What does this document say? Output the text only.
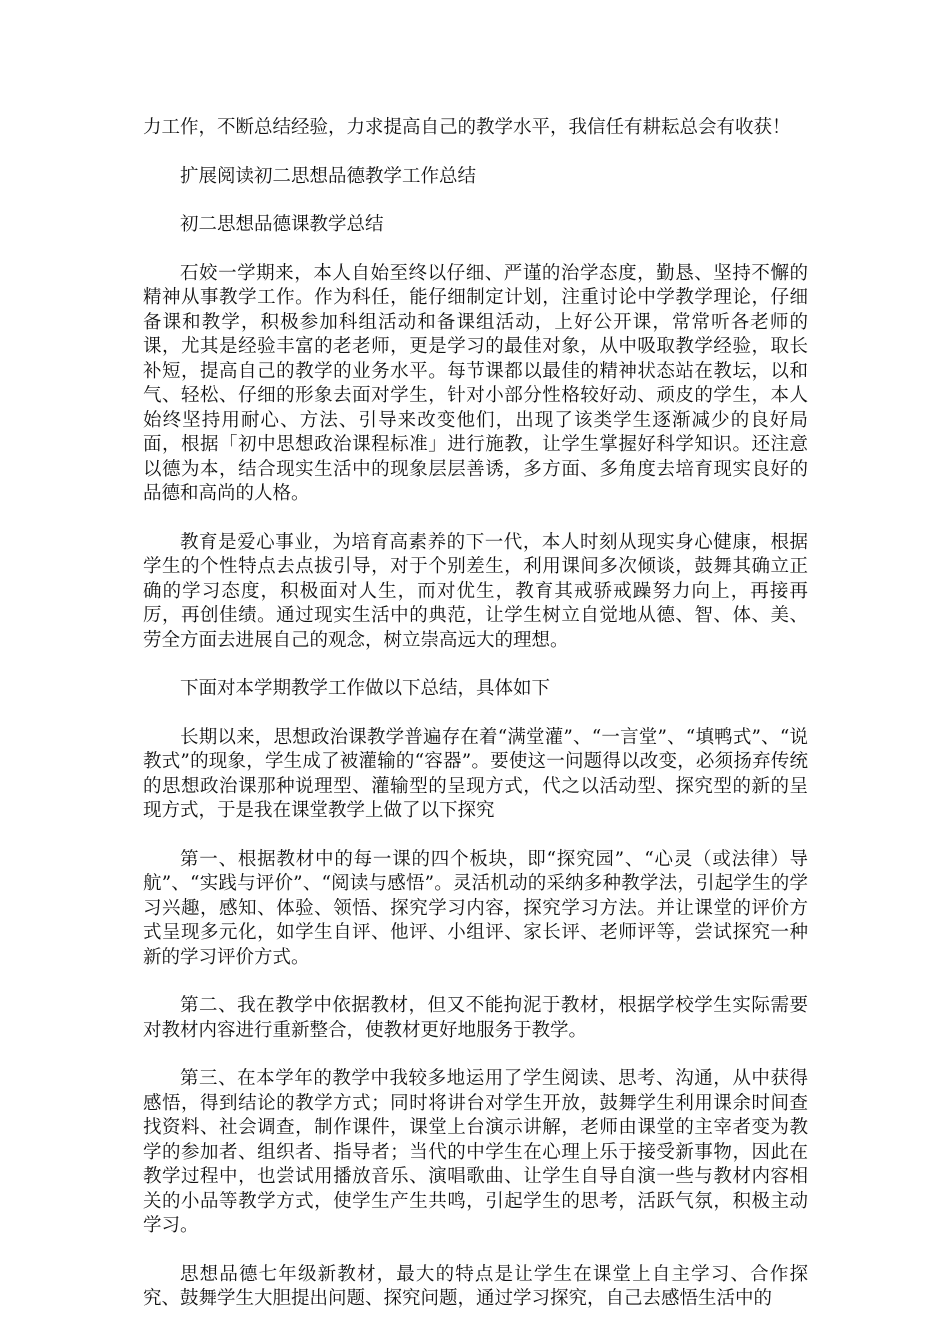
力工作，不断总结经验，力求提高自己的教学水平，我信任有耕耘总会有收获！

扩展阅读初二思想品德教学工作总结

初二思想品德课教学总结

石姣一学期来，本人自始至终以仔细、严谨的治学态度，勤恳、坚持不懈的精神从事教学工作。作为科任，能仔细制定计划，注重讨论中学教学理论，仔细备课和教学，积极参加科组活动和备课组活动，上好公开课，常常听各老师的课，尤其是经验丰富的老老师，更是学习的最佳对象，从中吸取教学经验，取长补短，提高自己的教学的业务水平。每节课都以最佳的精神状态站在教坛，以和气、轻松、仔细的形象去面对学生，针对小部分性格较好动、顽皮的学生，本人始终坚持用耐心、方法、引导来改变他们，出现了该类学生逐渐减少的良好局面，根据「初中思想政治课程标准」进行施教，让学生掌握好科学知识。还注意以德为本，结合现实生活中的现象层层善诱，多方面、多角度去培育现实良好的品德和高尚的人格。

教育是爱心事业，为培育高素养的下一代，本人时刻从现实身心健康，根据学生的个性特点去点拔引导，对于个别差生，利用课间多次倾谈，鼓舞其确立正确的学习态度，积极面对人生，而对优生，教育其戒骄戒躁努力向上，再接再厉，再创佳绩。通过现实生活中的典范，让学生树立自觉地从德、智、体、美、劳全方面去进展自己的观念，树立崇高远大的理想。

下面对本学期教学工作做以下总结，具体如下

长期以来，思想政治课教学普遍存在着“满堂灌”、“一言堂”、“填鸭式”、“说教式”的现象，学生成了被灌输的“容器”。要使这一问题得以改变，必须扬弃传统的思想政治课那种说理型、灌输型的呈现方式，代之以活动型、探究型的新的呈现方式，于是我在课堂教学上做了以下探究

第一、根据教材中的每一课的四个板块，即“探究园”、“心灵（或法律）导航”、“实践与评价”、“阅读与感悟”。灵活机动的采纳多种教学法，引起学生的学习兴趣，感知、体验、领悟、探究学习内容，探究学习方法。并让课堂的评价方式呈现多元化，如学生自评、他评、小组评、家长评、老师评等，尝试探究一种新的学习评价方式。

第二、我在教学中依据教材，但又不能拘泥于教材，根据学校学生实际需要对教材内容进行重新整合，使教材更好地服务于教学。

第三、在本学年的教学中我较多地运用了学生阅读、思考、沟通，从中获得感悟，得到结论的教学方式；同时将讲台对学生开放，鼓舞学生利用课余时间查找资料、社会调查，制作课件，课堂上台演示讲解，老师由课堂的主宰者变为教学的参加者、组织者、指导者；当代的中学生在心理上乐于接受新事物，因此在教学过程中，也尝试用播放音乐、演唱歌曲、让学生自导自演一些与教材内容相关的小品等教学方式，使学生产生共鸣，引起学生的思考，活跃气氛，积极主动学习。

思想品德七年级新教材，最大的特点是让学生在课堂上自主学习、合作探究、鼓舞学生大胆提出问题、探究问题，通过学习探究，自己去感悟生活中的
